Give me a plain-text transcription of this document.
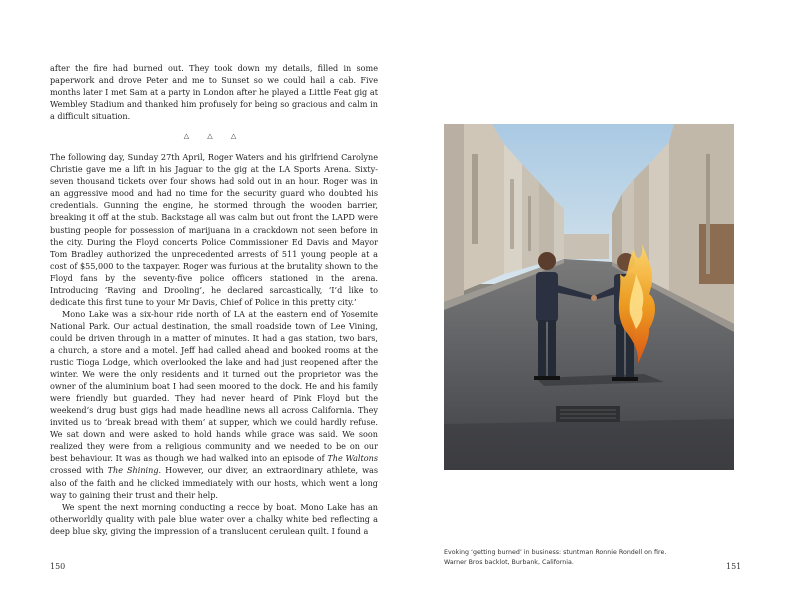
after the fire had burned out. They took down my details, filled in some paperwork and drove Peter and me to Sunset so we could hail a cab. Five months later I met Sam at a party in London after he played a Little Feat gig at Wembley Stadium and thanked him profusely for being so gracious and calm in a difficult situation.

△ △ △

The following day, Sunday 27th April, Roger Waters and his girlfriend Carolyne Christie gave me a lift in his Jaguar to the gig at the LA Sports Arena. Sixty-seven thousand tickets over four shows had sold out in an hour. Roger was in an aggressive mood and had no time for the security guard who doubted his credentials. Gunning the engine, he stormed through the wooden barrier, breaking it off at the stub. Backstage all was calm but out front the LAPD were busting people for possession of marijuana in a crackdown not seen before in the city. During the Floyd concerts Police Commissioner Ed Davis and Mayor Tom Bradley authorized the unprecedented arrests of 511 young people at a cost of $55,000 to the taxpayer. Roger was furious at the brutality shown to the Floyd fans by the seventy-five police officers stationed in the arena. Introducing ‘Raving and Drooling’, he declared sarcastically, ‘I’d like to dedicate this first tune to your Mr Davis, Chief of Police in this pretty city.’

Mono Lake was a six-hour ride north of LA at the eastern end of Yosemite National Park. Our actual destination, the small roadside town of Lee Vining, could be driven through in a matter of minutes. It had a gas station, two bars, a church, a store and a motel. Jeff had called ahead and booked rooms at the rustic Tioga Lodge, which overlooked the lake and had just reopened after the winter. We were the only residents and it turned out the proprietor was the owner of the aluminium boat I had seen moored to the dock. He and his family were friendly but guarded. They had never heard of Pink Floyd but the weekend’s drug bust gigs had made headline news all across California. They invited us to ‘break bread with them’ at supper, which we could hardly refuse. We sat down and were asked to hold hands while grace was said. We soon realized they were from a religious community and we needed to be on our best behaviour. It was as though we had walked into an episode of The Waltons crossed with The Shining. However, our diver, an extraordinary athlete, was also of the faith and he clicked immediately with our hosts, which went a long way to gaining their trust and their help.

We spent the next morning conducting a recce by boat. Mono Lake has an otherworldly quality with pale blue water over a chalky white bed reflecting a deep blue sky, giving the impression of a translucent cerulean quilt. I found a

150
Evoking ‘getting burned’ in business: stuntman Ronnie Rondell on fire.
Warner Bros backlot, Burbank, California.	151
